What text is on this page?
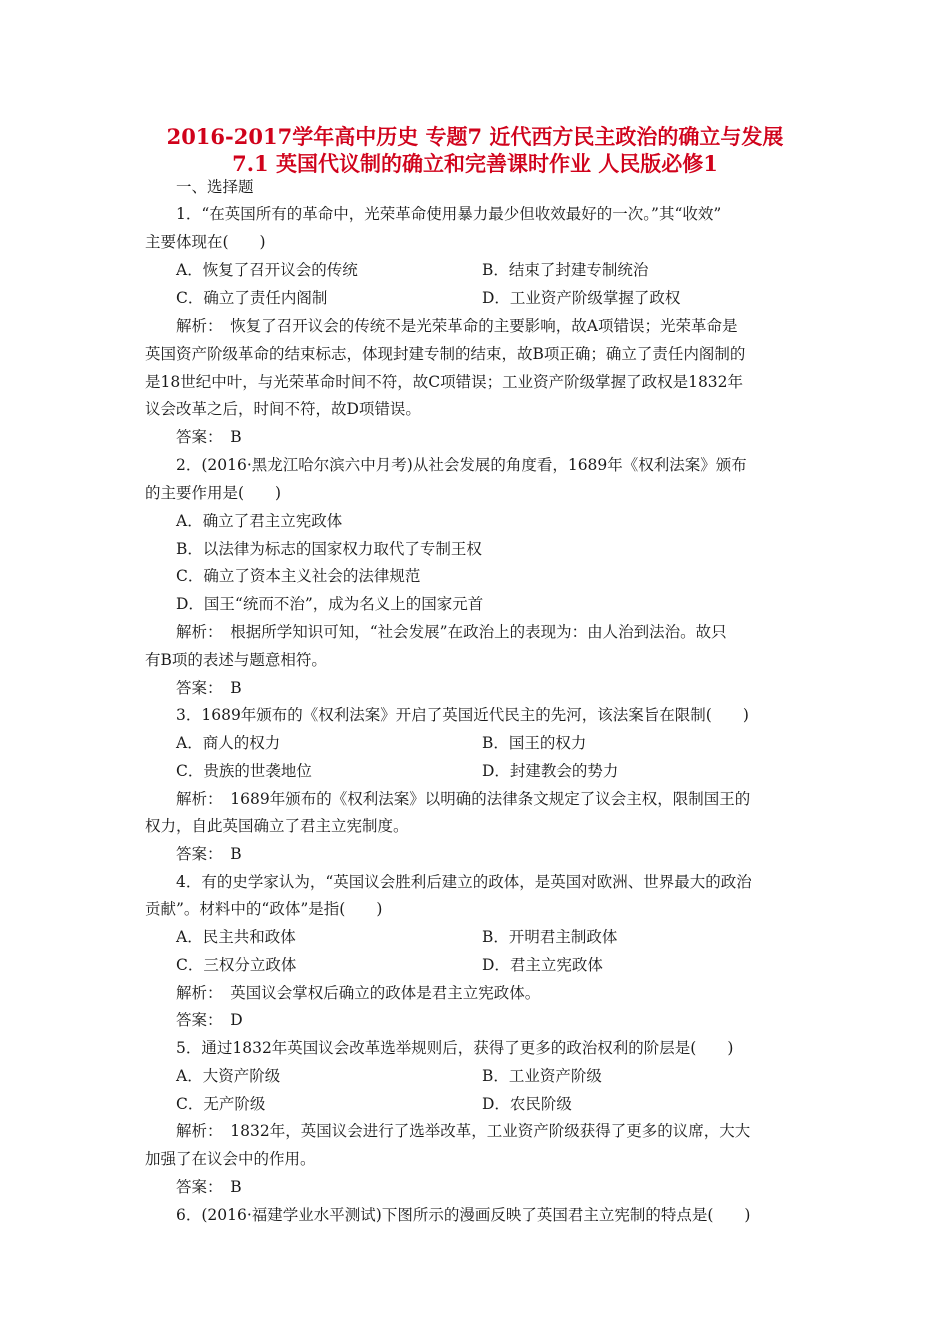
2016-2017学年高中历史 专题7 近代西方民主政治的确立与发展
7.1 英国代议制的确立和完善课时作业 人民版必修1
一、选择题
1．“在英国所有的革命中，光荣革命使用暴力最少但收效最好的一次。”其“收效”
主要体现在(　　)
A．恢复了召开议会的传统	B．结束了封建专制统治
C．确立了责任内阁制	D．工业资产阶级掌握了政权
解析：　恢复了召开议会的传统不是光荣革命的主要影响，故A项错误；光荣革命是
英国资产阶级革命的结束标志，体现封建专制的结束，故B项正确；确立了责任内阁制的
是18世纪中叶，与光荣革命时间不符，故C项错误；工业资产阶级掌握了政权是1832年
议会改革之后，时间不符，故D项错误。
答案：　B
2．(2016·黑龙江哈尔滨六中月考)从社会发展的角度看，1689年《权利法案》颁布
的主要作用是(　　)
A．确立了君主立宪政体
B．以法律为标志的国家权力取代了专制王权
C．确立了资本主义社会的法律规范
D．国王“统而不治”，成为名义上的国家元首
解析：　根据所学知识可知，“社会发展”在政治上的表现为：由人治到法治。故只
有B项的表述与题意相符。
答案：　B
3．1689年颁布的《权利法案》开启了英国近代民主的先河，该法案旨在限制(　　)
A．商人的权力	B．国王的权力
C．贵族的世袭地位	D．封建教会的势力
解析：　1689年颁布的《权利法案》以明确的法律条文规定了议会主权，限制国王的
权力，自此英国确立了君主立宪制度。
答案：　B
4．有的史学家认为，“英国议会胜利后建立的政体，是英国对欧洲、世界最大的政治
贡献”。材料中的“政体”是指(　　)
A．民主共和政体	B．开明君主制政体
C．三权分立政体	D．君主立宪政体
解析：　英国议会掌权后确立的政体是君主立宪政体。
答案：　D
5．通过1832年英国议会改革选举规则后，获得了更多的政治权利的阶层是(　　)
A．大资产阶级	B．工业资产阶级
C．无产阶级	D．农民阶级
解析：　1832年，英国议会进行了选举改革，工业资产阶级获得了更多的议席，大大
加强了在议会中的作用。
答案：　B
6．(2016·福建学业水平测试)下图所示的漫画反映了英国君主立宪制的特点是(　　)
